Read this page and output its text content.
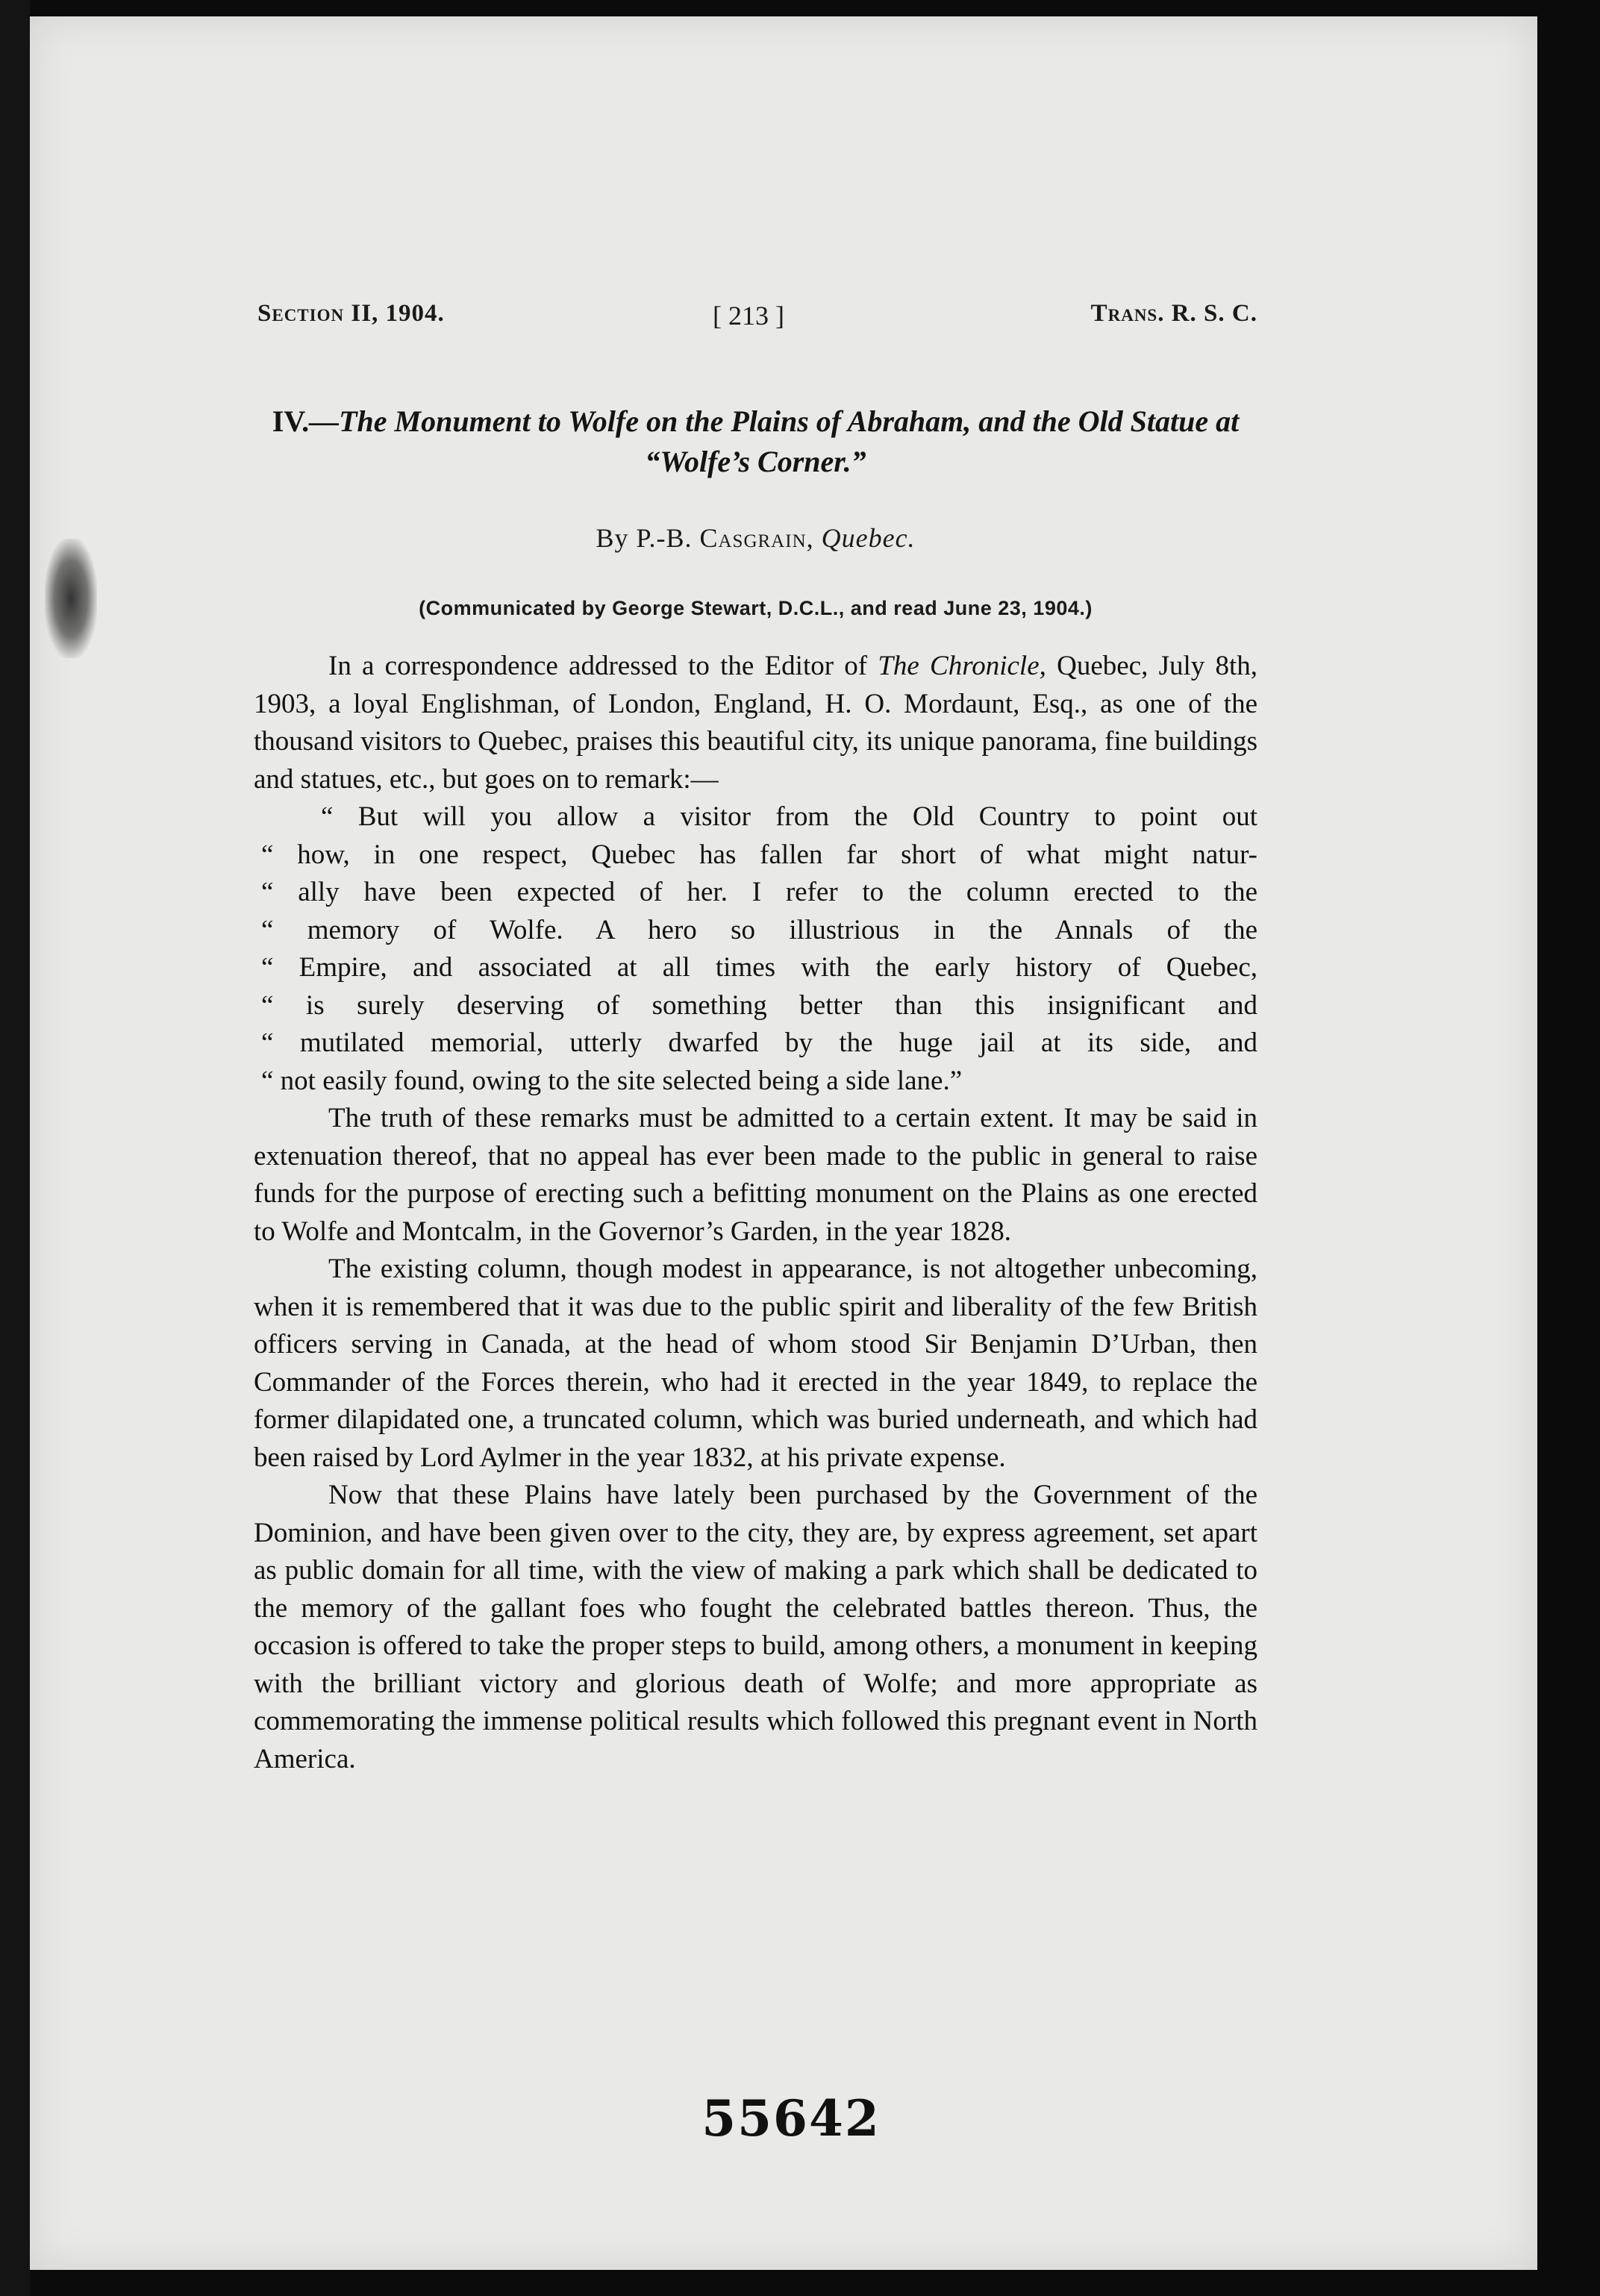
Section II, 1904.	[ 213 ]	Trans. R. S. C.
IV.—The Monument to Wolfe on the Plains of Abraham, and the Old Statue at “Wolfe’s Corner.”
By P.-B. Casgrain, Quebec.
(Communicated by George Stewart, D.C.L., and read June 23, 1904.)

In a correspondence addressed to the Editor of The Chronicle, Quebec, July 8th, 1903, a loyal Englishman, of London, England, H. O. Mordaunt, Esq., as one of the thousand visitors to Quebec, praises this beautiful city, its unique panorama, fine buildings and statues, etc., but goes on to remark:—

“ But will you allow a visitor from the Old Country to point out
“ how, in one respect, Quebec has fallen far short of what might natur-
“ ally have been expected of her. I refer to the column erected to the
“ memory of Wolfe. A hero so illustrious in the Annals of the
“ Empire, and associated at all times with the early history of Quebec,
“ is surely deserving of something better than this insignificant and
“ mutilated memorial, utterly dwarfed by the huge jail at its side, and
“ not easily found, owing to the site selected being a side lane.”

The truth of these remarks must be admitted to a certain extent. It may be said in extenuation thereof, that no appeal has ever been made to the public in general to raise funds for the purpose of erecting such a befitting monument on the Plains as one erected to Wolfe and Montcalm, in the Governor’s Garden, in the year 1828.

The existing column, though modest in appearance, is not altogether unbecoming, when it is remembered that it was due to the public spirit and liberality of the few British officers serving in Canada, at the head of whom stood Sir Benjamin D’Urban, then Commander of the Forces therein, who had it erected in the year 1849, to replace the former dilapidated one, a truncated column, which was buried underneath, and which had been raised by Lord Aylmer in the year 1832, at his private expense.

Now that these Plains have lately been purchased by the Government of the Dominion, and have been given over to the city, they are, by express agreement, set apart as public domain for all time, with the view of making a park which shall be dedicated to the memory of the gallant foes who fought the celebrated battles thereon. Thus, the occasion is offered to take the proper steps to build, among others, a monument in keeping with the brilliant victory and glorious death of Wolfe; and more appropriate as commemorating the immense political results which followed this pregnant event in North America.

55642
